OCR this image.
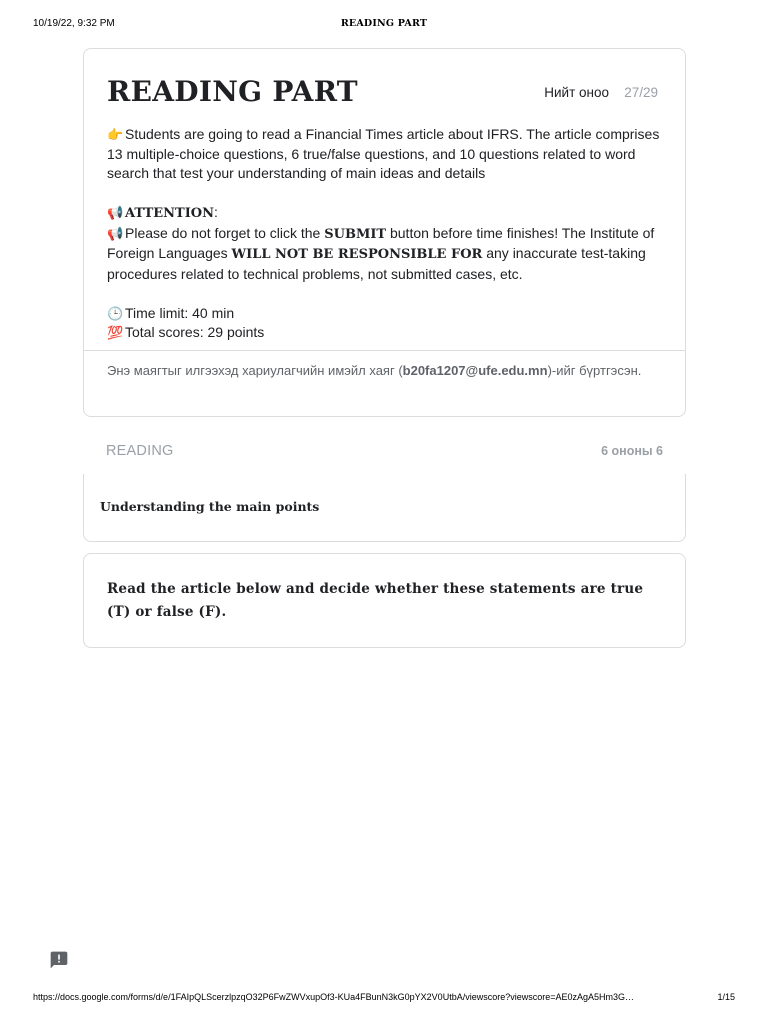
10/19/22, 9:32 PM	READING PART
READING PART	Нийт оноо 27/29

👉 Students are going to read a Financial Times article about IFRS. The article comprises 13 multiple-choice questions, 6 true/false questions, and 10 questions related to word search that test your understanding of main ideas and details

📢 ATTENTION:

📢 Please do not forget to click the SUBMIT button before time finishes! The Institute of Foreign Languages WILL NOT BE RESPONSIBLE FOR any inaccurate test-taking procedures related to technical problems, not submitted cases, etc.

🕒 Time limit: 40 min

💯 Total scores: 29 points

Энэ маягтыг илгээхэд хариулагчийн имэйл хаяг (b20fa1207@ufe.edu.mn)-ийг бүртгэсэн.
READING	6 ононы 6
Understanding the main points
Read the article below and decide whether these statements are true (T) or false (F).
https://docs.google.com/forms/d/e/1FAIpQLScerzlpzqO32P6FwZWVxupOf3-KUa4FBunN3kG0pYX2V0UtbA/viewscore?viewscore=AE0zAgA5Hm3G…	1/15
